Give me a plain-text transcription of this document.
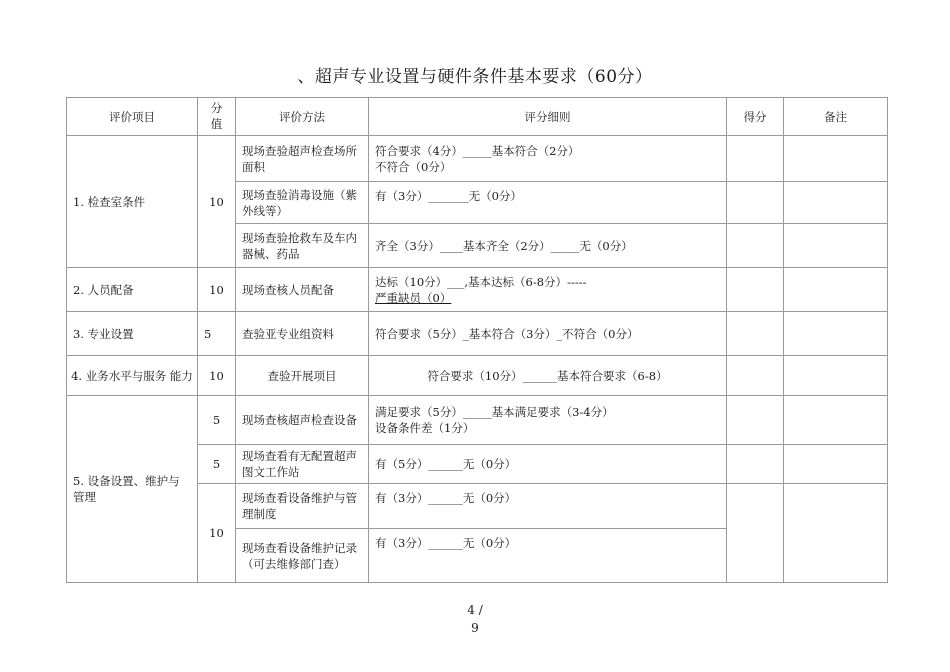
、超声专业设置与硬件条件基本要求（60分）
评价项目	分 值	评价方法	评分细则	得分	备注
1. 检查室条件	10	现场查验超声检查场所面积	符合要求（4分）_____基本符合（2分）
不符合（0分）		

		现场查验消毒设施（紫外线等）	有（3分）_______无（0分）		
		现场查验抢救车及车内器械、药品	齐全（3分）____基本齐全（2分）_____无（0分）		
2. 人员配备	10	现场查核人员配备	达标（10分）___,基本达标（6-8分）-----
严重缺员（0）		

3. 专业设置	5	查验亚专业组资料	符合要求（5分）_基本符合（3分）_不符合（0分）		
4. 业务水平与服务 能力	10	查验开展项目	符合要求（10分）______基本符合要求（6-8）		
5. 设备设置、维护与管理	5	现场查核超声检查设备	满足要求（5分）_____基本满足要求（3-4分）
设备条件差（1分）		

	5	现场查看有无配置超声图文工作站	有（5分）______无（0分）		
	10	现场查看设备维护与管理制度	有（3分）______无（0分）		
		现场查看设备维护记录（可去维修部门查）	有（3分）______无（0分）		
4 /
9
